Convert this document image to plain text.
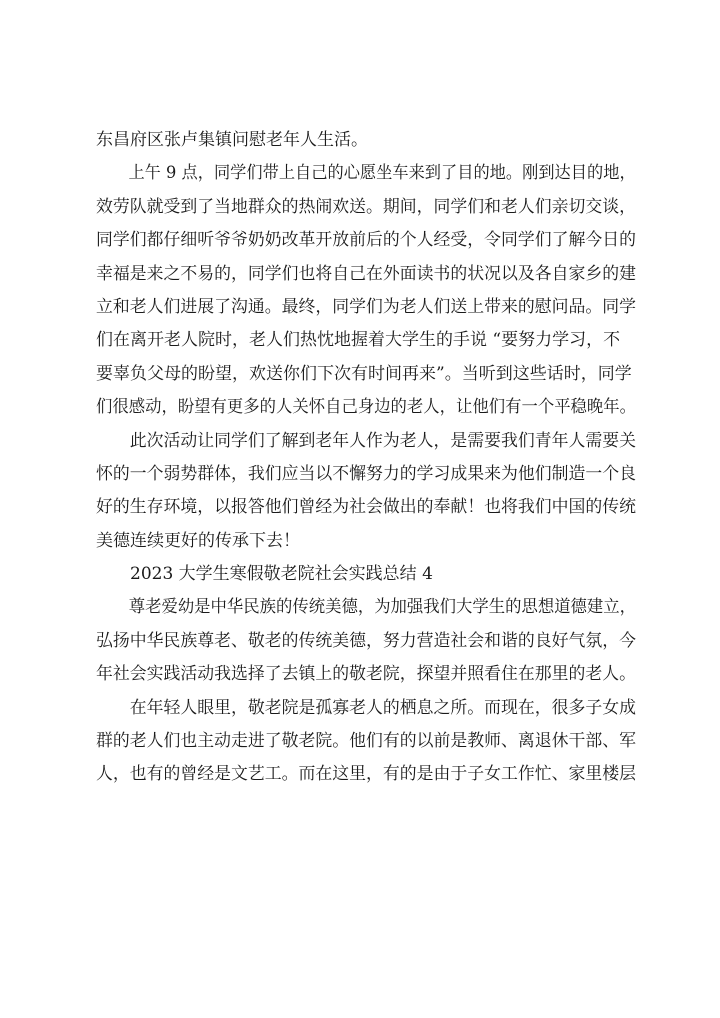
东昌府区张卢集镇问慰老年人生活。
上午 9 点，同学们带上自己的心愿坐车来到了目的地。刚到达目的地，
效劳队就受到了当地群众的热闹欢送。期间，同学们和老人们亲切交谈，
同学们都仔细听爷爷奶奶改革开放前后的个人经受，令同学们了解今日的
幸福是来之不易的，同学们也将自己在外面读书的状况以及各自家乡的建
立和老人们进展了沟通。最终，同学们为老人们送上带来的慰问品。同学
们在离开老人院时，老人们热忱地握着大学生的手说 “要努力学习，不
要辜负父母的盼望，欢送你们下次有时间再来”。当听到这些话时，同学
们很感动，盼望有更多的人关怀自己身边的老人，让他们有一个平稳晚年。
此次活动让同学们了解到老年人作为老人，是需要我们青年人需要关
怀的一个弱势群体，我们应当以不懈努力的学习成果来为他们制造一个良
好的生存环境，以报答他们曾经为社会做出的奉献！也将我们中国的传统
美德连续更好的传承下去！
2023 大学生寒假敬老院社会实践总结 4
尊老爱幼是中华民族的传统美德，为加强我们大学生的思想道德建立，
弘扬中华民族尊老、敬老的传统美德，努力营造社会和谐的良好气氛，今
年社会实践活动我选择了去镇上的敬老院，探望并照看住在那里的老人。
在年轻人眼里，敬老院是孤寡老人的栖息之所。而现在，很多子女成
群的老人们也主动走进了敬老院。他们有的以前是教师、离退休干部、军
人，也有的曾经是文艺工。而在这里，有的是由于子女工作忙、家里楼层
